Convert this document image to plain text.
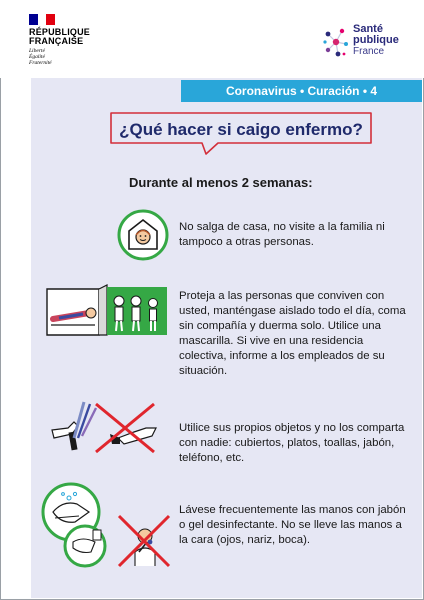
RÉPUBLIQUE
FRANÇAISE
Liberté
Égalité
Fraternité
Santé
publique
France
Coronavirus • Curación • 4
¿Qué hacer si caigo enfermo?
Durante al menos 2 semanas:
No salga de casa, no visite a la familia ni tampoco a otras personas.
Proteja a las personas que conviven con usted, manténgase aislado todo el día, coma sin compañía y duerma solo. Utilice una mascarilla. Si vive en una residencia colectiva, informe a los empleados de su situación.
Utilice sus propios objetos y no los comparta con nadie: cubiertos, platos, toallas, jabón, teléfono, etc.
Lávese frecuentemente las manos con jabón o gel desinfectante. No se lleve las manos a la cara (ojos, nariz, boca).
